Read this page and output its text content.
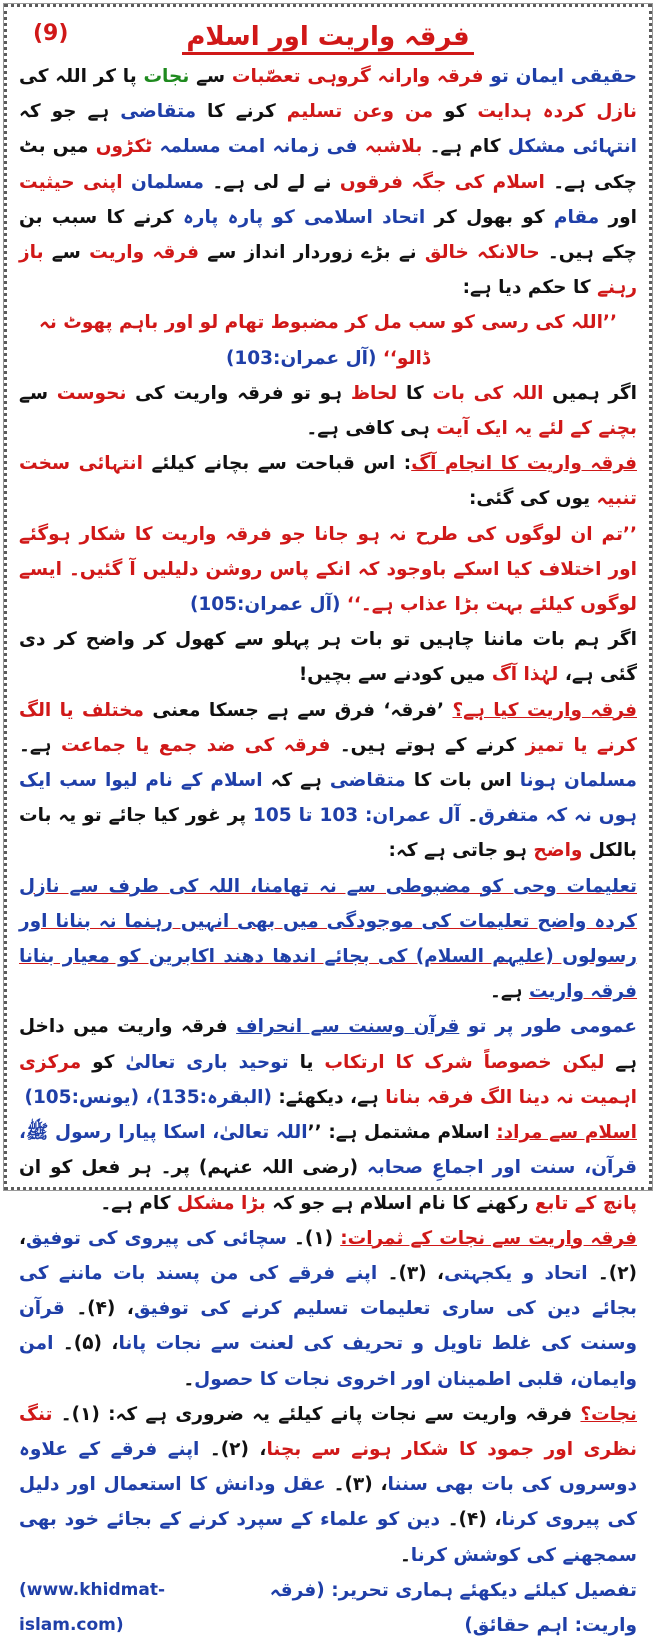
(9)	فرقہ واریت اور اسلام

حقیقی ایمان تو فرقہ وارانہ گروہی تعصّبات سے نجات پا کر اللہ کی نازل کردہ ہدایت کو من وعن تسلیم کرنے کا متقاضی ہے جو کہ انتہائی مشکل کام ہے۔ بلاشبہ فی زمانہ امت مسلمہ ٹکڑوں میں بٹ چکی ہے۔ اسلام کی جگہ فرقوں نے لے لی ہے۔ مسلمان اپنی حیثیت اور مقام کو بھول کر اتحاد اسلامی کو پارہ پارہ کرنے کا سبب بن چکے ہیں۔ حالانکہ خالق نے بڑے زوردار انداز سے فرقہ واریت سے باز رہنے کا حکم دیا ہے:

’’اللہ کی رسی کو سب مل کر مضبوط تھام لو اور باہم پھوٹ نہ ڈالو‘‘ (آل عمران:103)

اگر ہمیں اللہ کی بات کا لحاظ ہو تو فرقہ واریت کی نحوست سے بچنے کے لئے یہ ایک آیت ہی کافی ہے۔

فرقہ واریت کا انجام آگ: اس قباحت سے بچانے کیلئے انتہائی سخت تنبیہ یوں کی گئی:

’’تم ان لوگوں کی طرح نہ ہو جانا جو فرقہ واریت کا شکار ہوگئے اور اختلاف کیا اسکے باوجود کہ انکے پاس روشن دلیلیں آ گئیں۔ ایسے لوگوں کیلئے بہت بڑا عذاب ہے۔‘‘ (آل عمران:105)

اگر ہم بات ماننا چاہیں تو بات ہر پہلو سے کھول کر واضح کر دی گئی ہے، لہٰذا آگ میں کودنے سے بچیں!

فرقہ واریت کیا ہے؟ ’فرقہ‘ فرق سے ہے جسکا معنی مختلف یا الگ کرنے یا تمیز کرنے کے ہوتے ہیں۔ فرقہ کی ضد جمع یا جماعت ہے۔ مسلمان ہونا اس بات کا متقاضی ہے کہ اسلام کے نام لیوا سب ایک ہوں نہ کہ متفرق۔ آل عمران: 103 تا 105 پر غور کیا جائے تو یہ بات بالکل واضح ہو جاتی ہے کہ:

تعلیمات وحی کو مضبوطی سے نہ تھامنا، اللہ کی طرف سے نازل کردہ واضح تعلیمات کی موجودگی میں بھی انہیں رہنما نہ بنانا اور رسولوں (علیہم السلام) کی بجائے اندھا دھند اکابرین کو معیار بنانا فرقہ واریت ہے۔

عمومی طور پر تو قرآن وسنت سے انحراف فرقہ واریت میں داخل ہے لیکن خصوصاً شرک کا ارتکاب یا توحید باری تعالیٰ کو مرکزی اہمیت نہ دینا الگ فرقہ بنانا ہے، دیکھئے: (البقرہ:135)، (یونس:105)

اسلام سے مراد: اسلام مشتمل ہے: ’’اللہ تعالیٰ، اسکا پیارا رسول ﷺ، قرآن، سنت اور اجماعِ صحابہ (رضی اللہ عنہم) پر۔ ہر فعل کو ان پانچ کے تابع رکھنے کا نام اسلام ہے جو کہ بڑا مشکل کام ہے۔

فرقہ واریت سے نجات کے ثمرات: (۱)۔ سچائی کی پیروی کی توفیق، (۲)۔ اتحاد و یکجہتی، (۳)۔ اپنے فرقے کی من پسند بات ماننے کی بجائے دین کی ساری تعلیمات تسلیم کرنے کی توفیق، (۴)۔ قرآن وسنت کی غلط تاویل و تحریف کی لعنت سے نجات پانا، (۵)۔ امن وایمان، قلبی اطمینان اور اخروی نجات کا حصول۔

نجات؟ فرقہ واریت سے نجات پانے کیلئے یہ ضروری ہے کہ: (۱)۔ تنگ نظری اور جمود کا شکار ہونے سے بچنا، (۲)۔ اپنے فرقے کے علاوہ دوسروں کی بات بھی سننا، (۳)۔ عقل ودانش کا استعمال اور دلیل کی پیروی کرنا، (۴)۔ دین کو علماء کے سپرد کرنے کے بجائے خود بھی سمجھنے کی کوشش کرنا۔

تفصیل کیلئے دیکھئے ہماری تحریر: (فرقہ واریت: اہم حقائق)
(www.khidmat-islam.com)
